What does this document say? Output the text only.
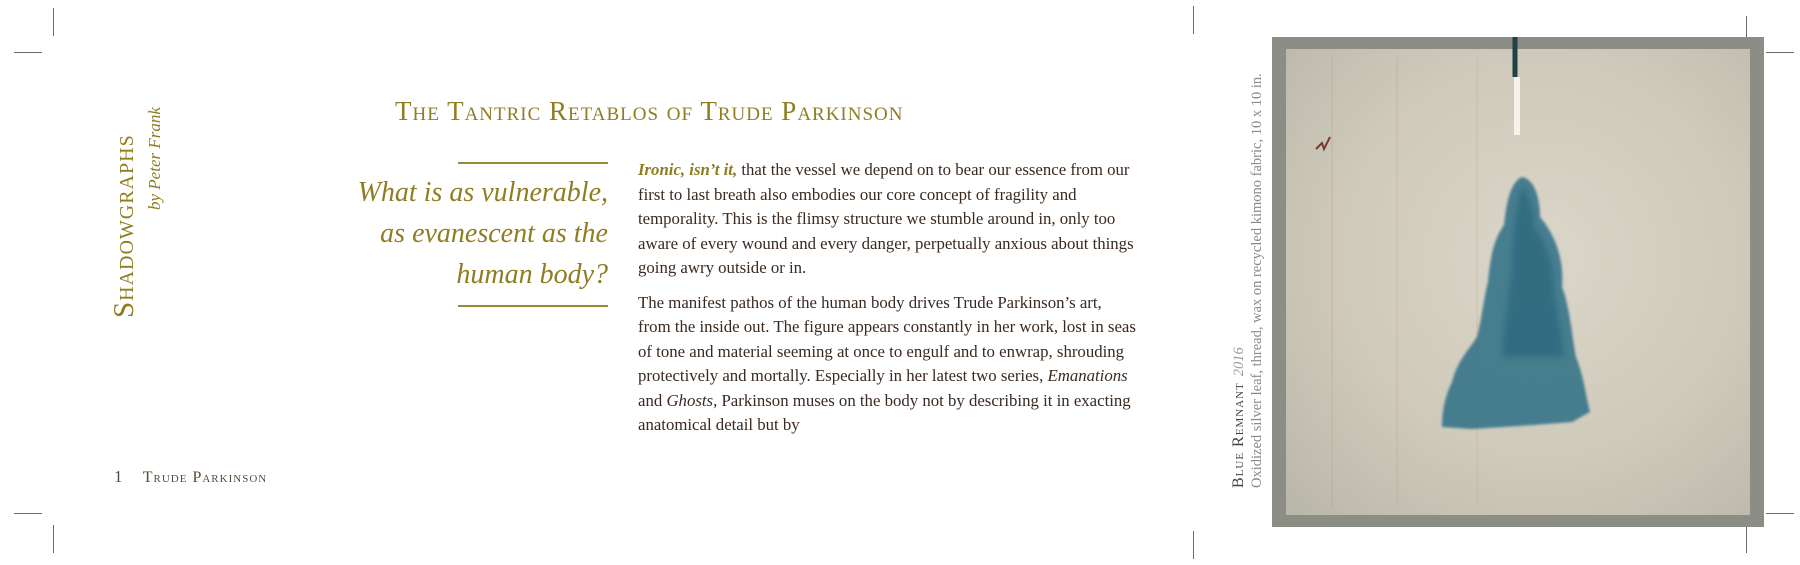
Shadowgraphs by Peter Frank	The Tantric Retablos of Trude Parkinson
What is as vulnerable, as evanescent as the human body?

Ironic, isn’t it, that the vessel we depend on to bear our essence from our first to last breath also embodies our core concept of fragility and temporality. This is the flimsy structure we stumble around in, only too aware of every wound and every danger, perpetually anxious about things going awry outside or in.

The manifest pathos of the human body drives Trude Parkinson’s art, from the inside out. The figure appears constantly in her work, lost in seas of tone and material seeming at once to engulf and to enwrap, shrouding protectively and mortally. Especially in her latest two series, Emanations and Ghosts, Parkinson muses on the body not by describing it in exacting anatomical detail but by

1 Trude Parkinson	Blue Remnant2016 Oxidized silver leaf, thread, wax on recycled kimono fabric, 10 x 10 in.
